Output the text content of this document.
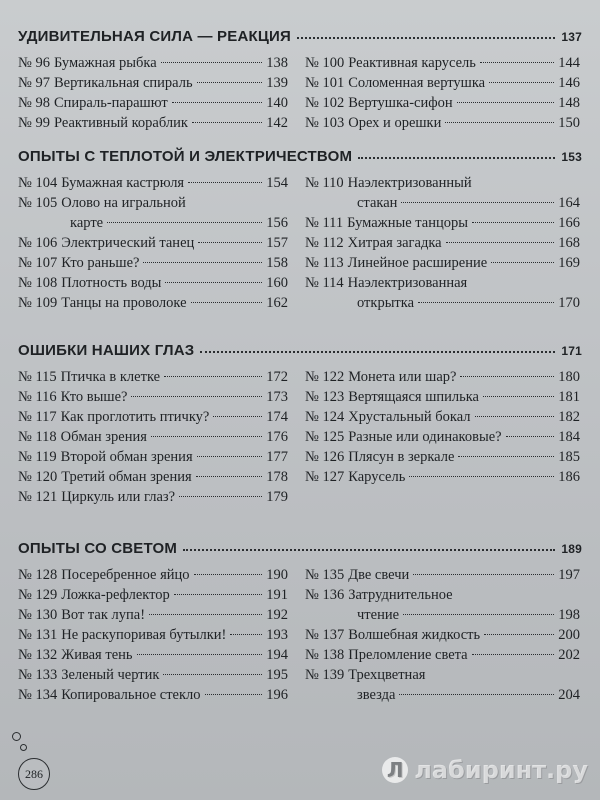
УДИВИТЕЛЬНАЯ СИЛА — РЕАКЦИЯ	137
№ 96 Бумажная рыбка	138
№ 97 Вертикальная спираль	139
№ 98 Спираль-парашют	140
№ 99 Реактивный кораблик	142
№ 100 Реактивная карусель	144
№ 101 Соломенная вертушка	146
№ 102 Вертушка-сифон	148
№ 103 Орех и орешки	150
ОПЫТЫ С ТЕПЛОТОЙ И ЭЛЕКТРИЧЕСТВОМ	153
№ 104 Бумажная кастрюля	154
№ 105 Олово на игральной
карте	156
№ 106 Электрический танец	157
№ 107 Кто раньше?	158
№ 108 Плотность воды	160
№ 109 Танцы на проволоке	162
№ 110 Наэлектризованный
стакан	164
№ 111 Бумажные танцоры	166
№ 112 Хитрая загадка	168
№ 113 Линейное расширение	169
№ 114 Наэлектризованная
открытка	170
ОШИБКИ НАШИХ ГЛАЗ	171
№ 115 Птичка в клетке	172
№ 116 Кто выше?	173
№ 117 Как проглотить птичку?	174
№ 118 Обман зрения	176
№ 119 Второй обман зрения	177
№ 120 Третий обман зрения	178
№ 121 Циркуль или глаз?	179
№ 122 Монета или шар?	180
№ 123 Вертящаяся шпилька	181
№ 124 Хрустальный бокал	182
№ 125 Разные или одинаковые?	184
№ 126 Плясун в зеркале	185
№ 127 Карусель	186
ОПЫТЫ СО СВЕТОМ	189
№ 128 Посеребренное яйцо	190
№ 129 Ложка-рефлектор	191
№ 130 Вот так лупа!	192
№ 131 Не раскупоривая бутылки!	193
№ 132 Живая тень	194
№ 133 Зеленый чертик	195
№ 134 Копировальное стекло	196
№ 135 Две свечи	197
№ 136 Затруднительное
чтение	198
№ 137 Волшебная жидкость	200
№ 138 Преломление света	202
№ 139 Трехцветная
звезда	204
286	Л лабиринт.ру
